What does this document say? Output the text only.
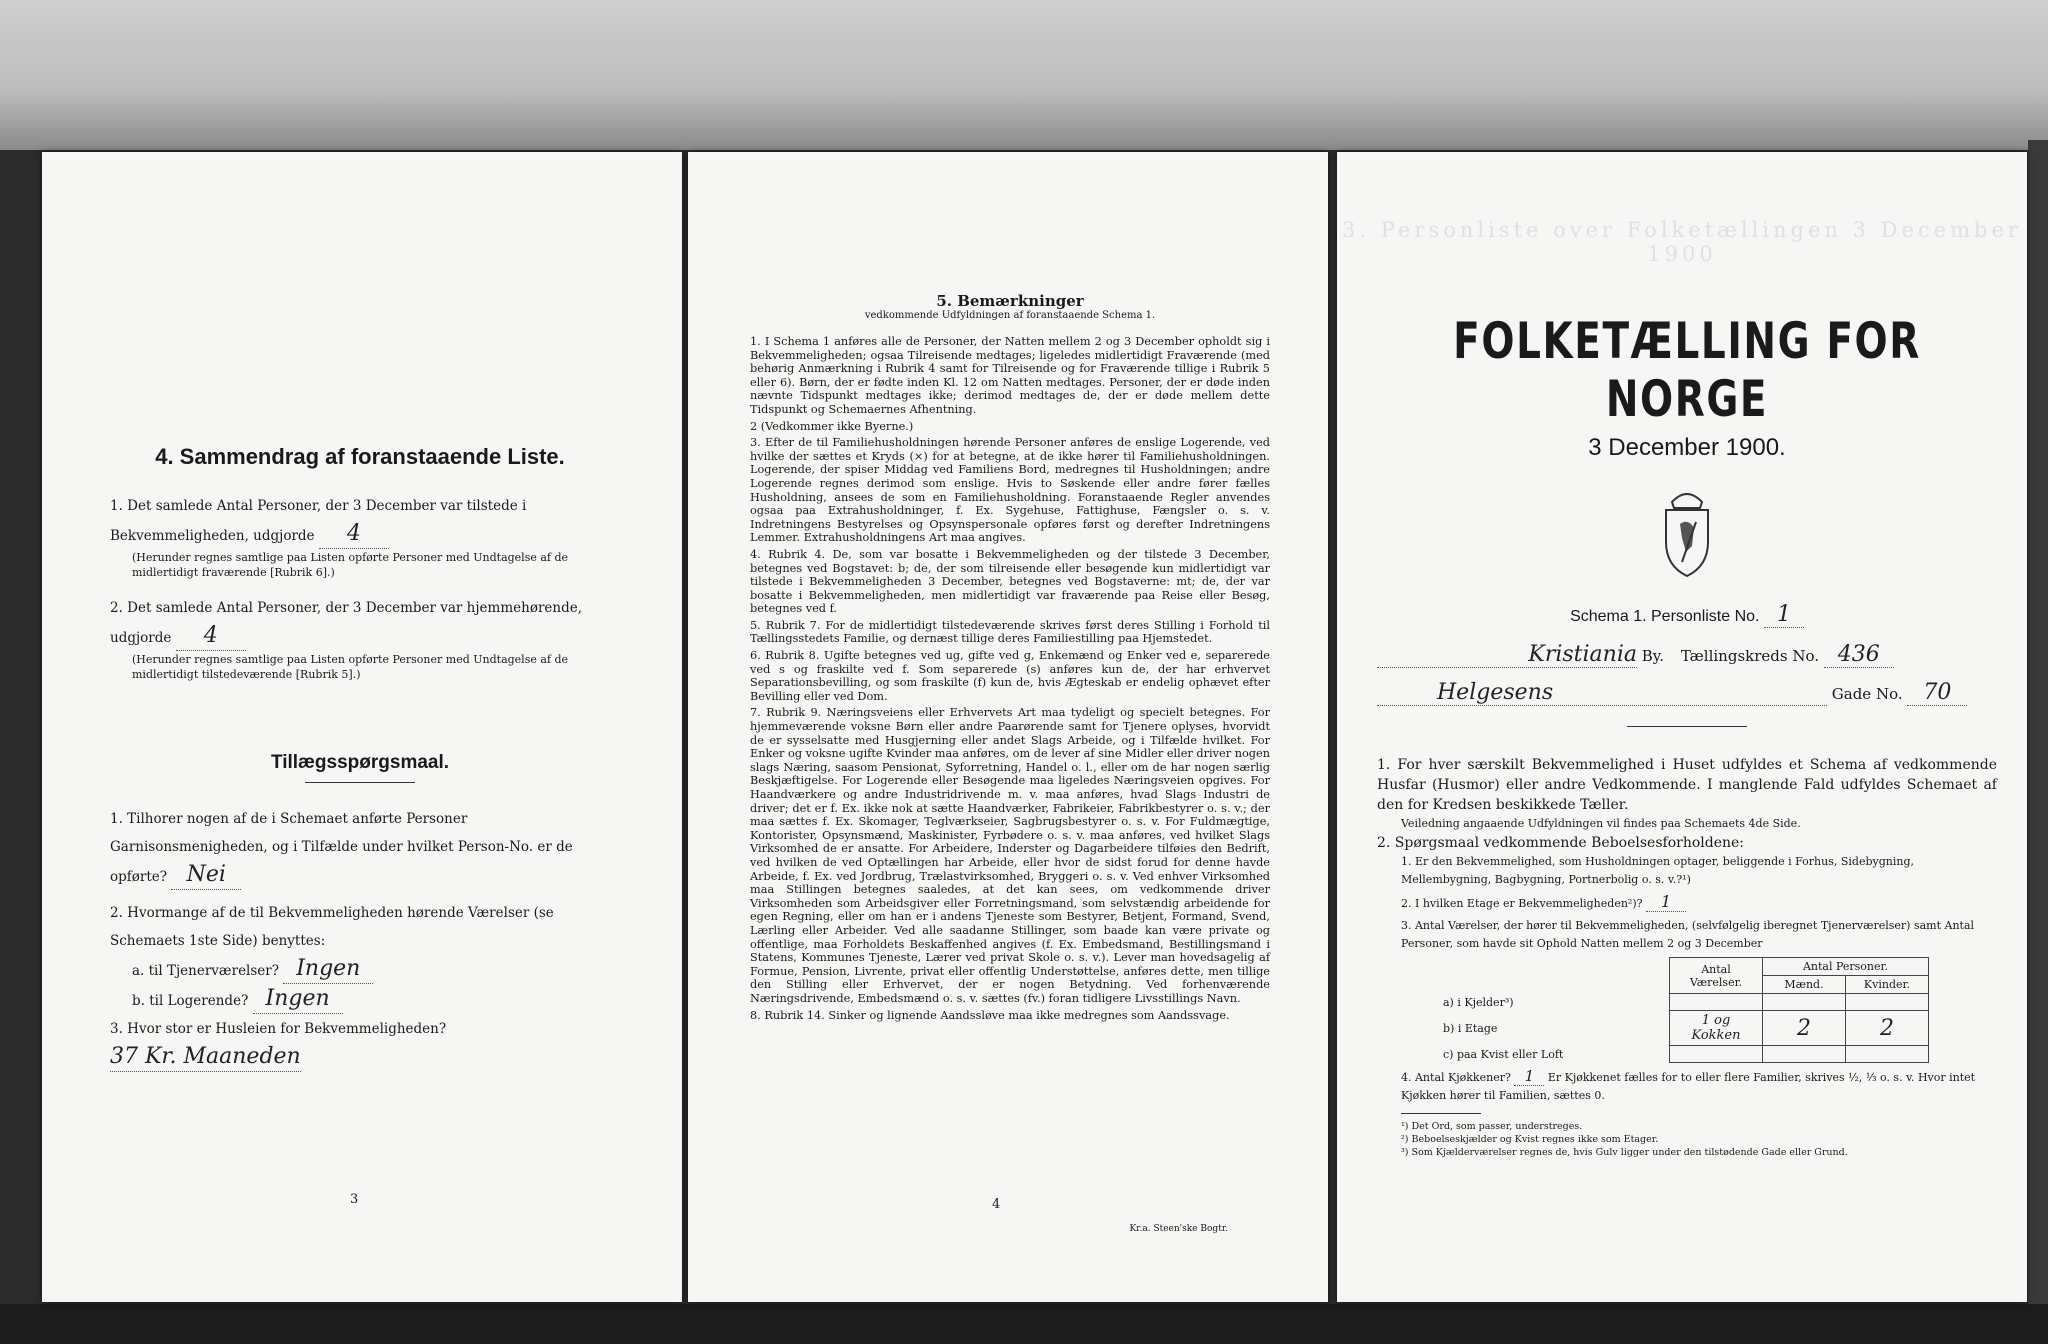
4. Sammendrag af foranstaaende Liste.

1. Det samlede Antal Personer, der 3 December var tilstede i Bekvemmeligheden, udgjorde 4
(Herunder regnes samtlige paa Listen opførte Personer med Undtagelse af de midlertidigt fraværende [Rubrik 6].)
2. Det samlede Antal Personer, der 3 December var hjemmehørende, udgjorde 4
(Herunder regnes samtlige paa Listen opførte Personer med Undtagelse af de midlertidigt tilstedeværende [Rubrik 5].)

Tillægsspørgsmaal.

1. Tilhorer nogen af de i Schemaet anførte Personer Garnisonsmenigheden, og i Tilfælde under hvilket Person-No. er de opførte? Nei
2. Hvormange af de til Bekvemmeligheden hørende Værelser (se Schemaets 1ste Side) benyttes:
a. til Tjenerværelser? Ingen
b. til Logerende? Ingen
3. Hvor stor er Husleien for Bekvemmeligheden? 37 Kr. Maaneden
3
5. Bemærkninger
vedkommende Udfyldningen af foranstaaende Schema 1.

1. I Schema 1 anføres alle de Personer, der Natten mellem 2 og 3 December opholdt sig i Bekvemmeligheden; ogsaa Tilreisende medtages; ligeledes midlertidigt Fraværende (med behørig Anmærkning i Rubrik 4 samt for Tilreisende og for Fraværende tillige i Rubrik 5 eller 6). Børn, der er fødte inden Kl. 12 om Natten medtages. Personer, der er døde inden nævnte Tidspunkt medtages ikke; derimod medtages de, der er døde mellem dette Tidspunkt og Schemaernes Afhentning.

2 (Vedkommer ikke Byerne.)

3. Efter de til Familiehusholdningen hørende Personer anføres de enslige Logerende, ved hvilke der sættes et Kryds (×) for at betegne, at de ikke hører til Familiehusholdningen. Logerende, der spiser Middag ved Familiens Bord, medregnes til Husholdningen; andre Logerende regnes derimod som enslige. Hvis to Søskende eller andre fører fælles Husholdning, ansees de som en Familiehusholdning. Foranstaaende Regler anvendes ogsaa paa Extrahusholdninger, f. Ex. Sygehuse, Fattighuse, Fængsler o. s. v. Indretningens Bestyrelses og Opsynspersonale opføres først og derefter Indretningens Lemmer. Extrahusholdningens Art maa angives.

4. Rubrik 4. De, som var bosatte i Bekvemmeligheden og der tilstede 3 December, betegnes ved Bogstavet: b; de, der som tilreisende eller besøgende kun midlertidigt var tilstede i Bekvemmeligheden 3 December, betegnes ved Bogstaverne: mt; de, der var bosatte i Bekvemmeligheden, men midlertidigt var fraværende paa Reise eller Besøg, betegnes ved f.

5. Rubrik 7. For de midlertidigt tilstedeværende skrives først deres Stilling i Forhold til Tællingsstedets Familie, og dernæst tillige deres Familiestilling paa Hjemstedet.

6. Rubrik 8. Ugifte betegnes ved ug, gifte ved g, Enkemænd og Enker ved e, separerede ved s og fraskilte ved f. Som separerede (s) anføres kun de, der har erhvervet Separationsbevilling, og som fraskilte (f) kun de, hvis Ægteskab er endelig ophævet efter Bevilling eller ved Dom.

7. Rubrik 9. Næringsveiens eller Erhvervets Art maa tydeligt og specielt betegnes. For hjemmeværende voksne Børn eller andre Paarørende samt for Tjenere oplyses, hvorvidt de er sysselsatte med Husgjerning eller andet Slags Arbeide, og i Tilfælde hvilket. For Enker og voksne ugifte Kvinder maa anføres, om de lever af sine Midler eller driver nogen slags Næring, saasom Pensionat, Syforretning, Handel o. l., eller om de har nogen særlig Beskjæftigelse. For Logerende eller Besøgende maa ligeledes Næringsveien opgives. For Haandværkere og andre Industridrivende m. v. maa anføres, hvad Slags Industri de driver; det er f. Ex. ikke nok at sætte Haandværker, Fabrikeier, Fabrikbestyrer o. s. v.; der maa sættes f. Ex. Skomager, Teglværkseier, Sagbrugsbestyrer o. s. v. For Fuldmægtige, Kontorister, Opsynsmænd, Maskinister, Fyrbødere o. s. v. maa anføres, ved hvilket Slags Virksomhed de er ansatte. For Arbeidere, Inderster og Dagarbeidere tilføies den Bedrift, ved hvilken de ved Optællingen har Arbeide, eller hvor de sidst forud for denne havde Arbeide, f. Ex. ved Jordbrug, Trælastvirksomhed, Bryggeri o. s. v. Ved enhver Virksomhed maa Stillingen betegnes saaledes, at det kan sees, om vedkommende driver Virksomheden som Arbeidsgiver eller Forretningsmand, som selvstændig arbeidende for egen Regning, eller om han er i andens Tjeneste som Bestyrer, Betjent, Formand, Svend, Lærling eller Arbeider. Ved alle saadanne Stillinger, som baade kan være private og offentlige, maa Forholdets Beskaffenhed angives (f. Ex. Embedsmand, Bestillingsmand i Statens, Kommunes Tjeneste, Lærer ved privat Skole o. s. v.). Lever man hovedsagelig af Formue, Pension, Livrente, privat eller offentlig Understøttelse, anføres dette, men tillige den Stilling eller Erhvervet, der er nogen Betydning. Ved forhenværende Næringsdrivende, Embedsmænd o. s. v. sættes (fv.) foran tidligere Livsstillings Navn.

8. Rubrik 14. Sinker og lignende Aandssløve maa ikke medregnes som Aandssvage.

4
Kr.a. Steen'ske Bogtr.
3. Personliste over Folketællingen 3 December 1900

FOLKETÆLLING FOR NORGE

3 December 1900.

Schema 1. Personliste No. 1
Kristiania By. Tællingskreds No. 436
Helgesens	Gade No. 70
1. For hver særskilt Bekvemmelighed i Huset udfyldes et Schema af vedkommende Husfar (Husmor) eller andre Vedkommende. I manglende Fald udfyldes Schemaet af den for Kredsen beskikkede Tæller.
Veiledning angaaende Udfyldningen vil findes paa Schemaets 4de Side.
2. Spørgsmaal vedkommende Beboelsesforholdene:
1. Er den Bekvemmelighed, som Husholdningen optager, beliggende i Forhus, Sidebygning, Mellembygning, Bagbygning, Portnerbolig o. s. v.?¹)
2. I hvilken Etage er Bekvemmeligheden²)? 1
3. Antal Værelser, der hører til Bekvemmeligheden, (selvfølgelig iberegnet Tjenerværelser) samt Antal Personer, som havde sit Ophold Natten mellem 2 og 3 December
	Antal Værelser.	Antal Personer.	
		Mænd.	Kvinder.
a) i Kjelder³)			
b) i Etage	1 og Kokken	2	2
c) paa Kvist eller Loft			
4. Antal Kjøkkener? 1 Er Kjøkkenet fælles for to eller flere Familier, skrives ½, ⅓ o. s. v. Hvor intet Kjøkken hører til Familien, sættes 0.
¹) Det Ord, som passer, understreges.
²) Beboelseskjælder og Kvist regnes ikke som Etager.
³) Som Kjælderværelser regnes de, hvis Gulv ligger under den tilstødende Gade eller Grund.
